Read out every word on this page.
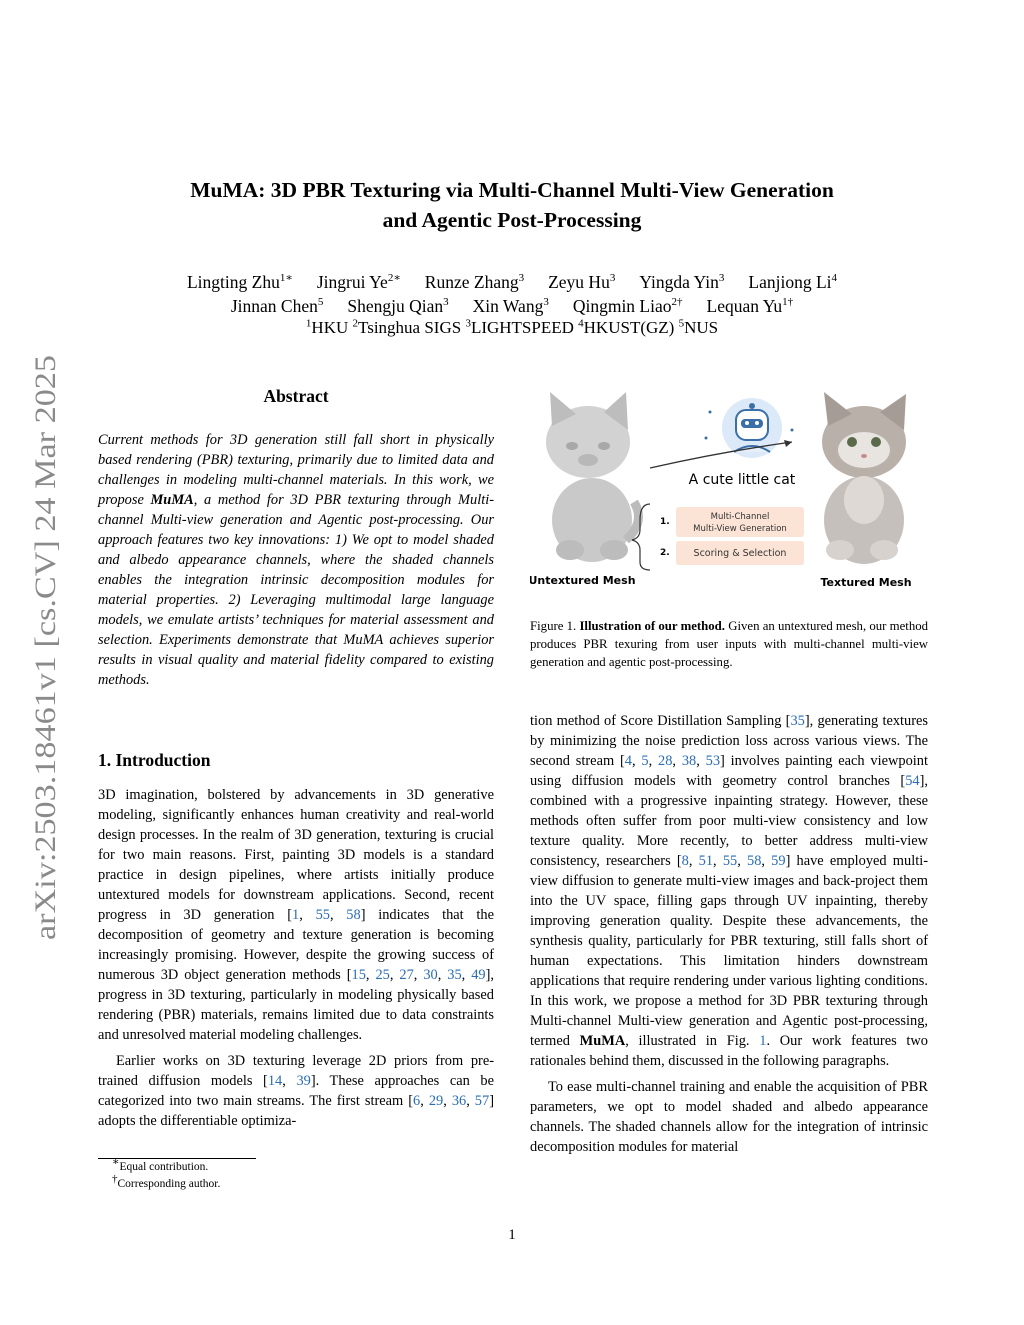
arXiv:2503.18461v1 [cs.CV] 24 Mar 2025
MuMA: 3D PBR Texturing via Multi-Channel Multi-View Generation
and Agentic Post-Processing
Lingting Zhu$^{1∗}$ Jingrui $Ye^{2∗}$ Runze Zhang$^3$ Zeyu Hu$^3$ Yingda Yin$^3$ Lanjiong Li$^4$
Jinnan Chen$^5$ Shengju Qian$^3$ Xin Wang$^3$ Qingmin Liao$^{2\dagger}$ Lequan $Yu^{1\dagger}$
$^1$HKU $^2$Tsinghua SIGS $^3$LIGHTSPEED $^4$HKUST(GZ) $^5$NUS
Abstract

Current methods for 3D generation still fall short in physically based rendering (PBR) texturing, primarily due to limited data and challenges in modeling multi-channel materials. In this work, we propose MuMA, a method for 3D PBR texturing through Multi-channel Multi-view generation and Agentic post-processing. Our approach features two key innovations: 1) We opt to model shaded and albedo appearance channels, where the shaded channels enables the integration intrinsic decomposition modules for material properties. 2) Leveraging multimodal large language models, we emulate artists’ techniques for material assessment and selection. Experiments demonstrate that MuMA achieves superior results in visual quality and material fidelity compared to existing methods.

1. Introduction

3D imagination, bolstered by advancements in 3D generative modeling, significantly enhances human creativity and real-world design processes. In the realm of 3D generation, texturing is crucial for two main reasons. First, painting 3D models is a standard practice in design pipelines, where artists initially produce untextured models for downstream applications. Second, recent progress in 3D generation [1, 55, 58] indicates that the decomposition of geometry and texture generation is becoming increasingly promising. However, despite the growing success of numerous 3D object generation methods [15, 25, 27, 30, 35, 49], progress in 3D texturing, particularly in modeling physically based rendering (PBR) materials, remains limited due to data constraints and unresolved material modeling challenges.

Earlier works on 3D texturing leverage 2D priors from pre-trained diffusion models [14, 39]. These approaches can be categorized into two main streams. The first stream [6, 29, 36, 57] adopts the differentiable optimiza-

A cute little cat
1.	Multi-Channel
Multi-View Generation
2.	Scoring & Selection
Untextured Mesh	Textured Mesh

Figure 1. Illustration of our method. Given an untextured mesh, our method produces PBR texuring from user inputs with multi-channel multi-view generation and agentic post-processing.

tion method of Score Distillation Sampling [35], generating textures by minimizing the noise prediction loss across various views. The second stream [4, 5, 28, 38, 53] involves painting each viewpoint using diffusion models with geometry control branches [54], combined with a progressive inpainting strategy. However, these methods often suffer from poor multi-view consistency and low texture quality. More recently, to better address multi-view consistency, researchers [8, 51, 55, 58, 59] have employed multi-view diffusion to generate multi-view images and back-project them into the UV space, filling gaps through UV inpainting, thereby improving generation quality. Despite these advancements, the synthesis quality, particularly for PBR texturing, still falls short of human expectations. This limitation hinders downstream applications that require rendering under various lighting conditions. In this work, we propose a method for 3D PBR texturing through Multi-channel Multi-view generation and Agentic post-processing, termed MuMA, illustrated in Fig. 1. Our work features two rationales behind them, discussed in the following paragraphs.

To ease multi-channel training and enable the acquisition of PBR parameters, we opt to model shaded and albedo appearance channels. The shaded channels allow for the integration of intrinsic decomposition modules for material

∗Equal contribution.
†Corresponding author.
1
